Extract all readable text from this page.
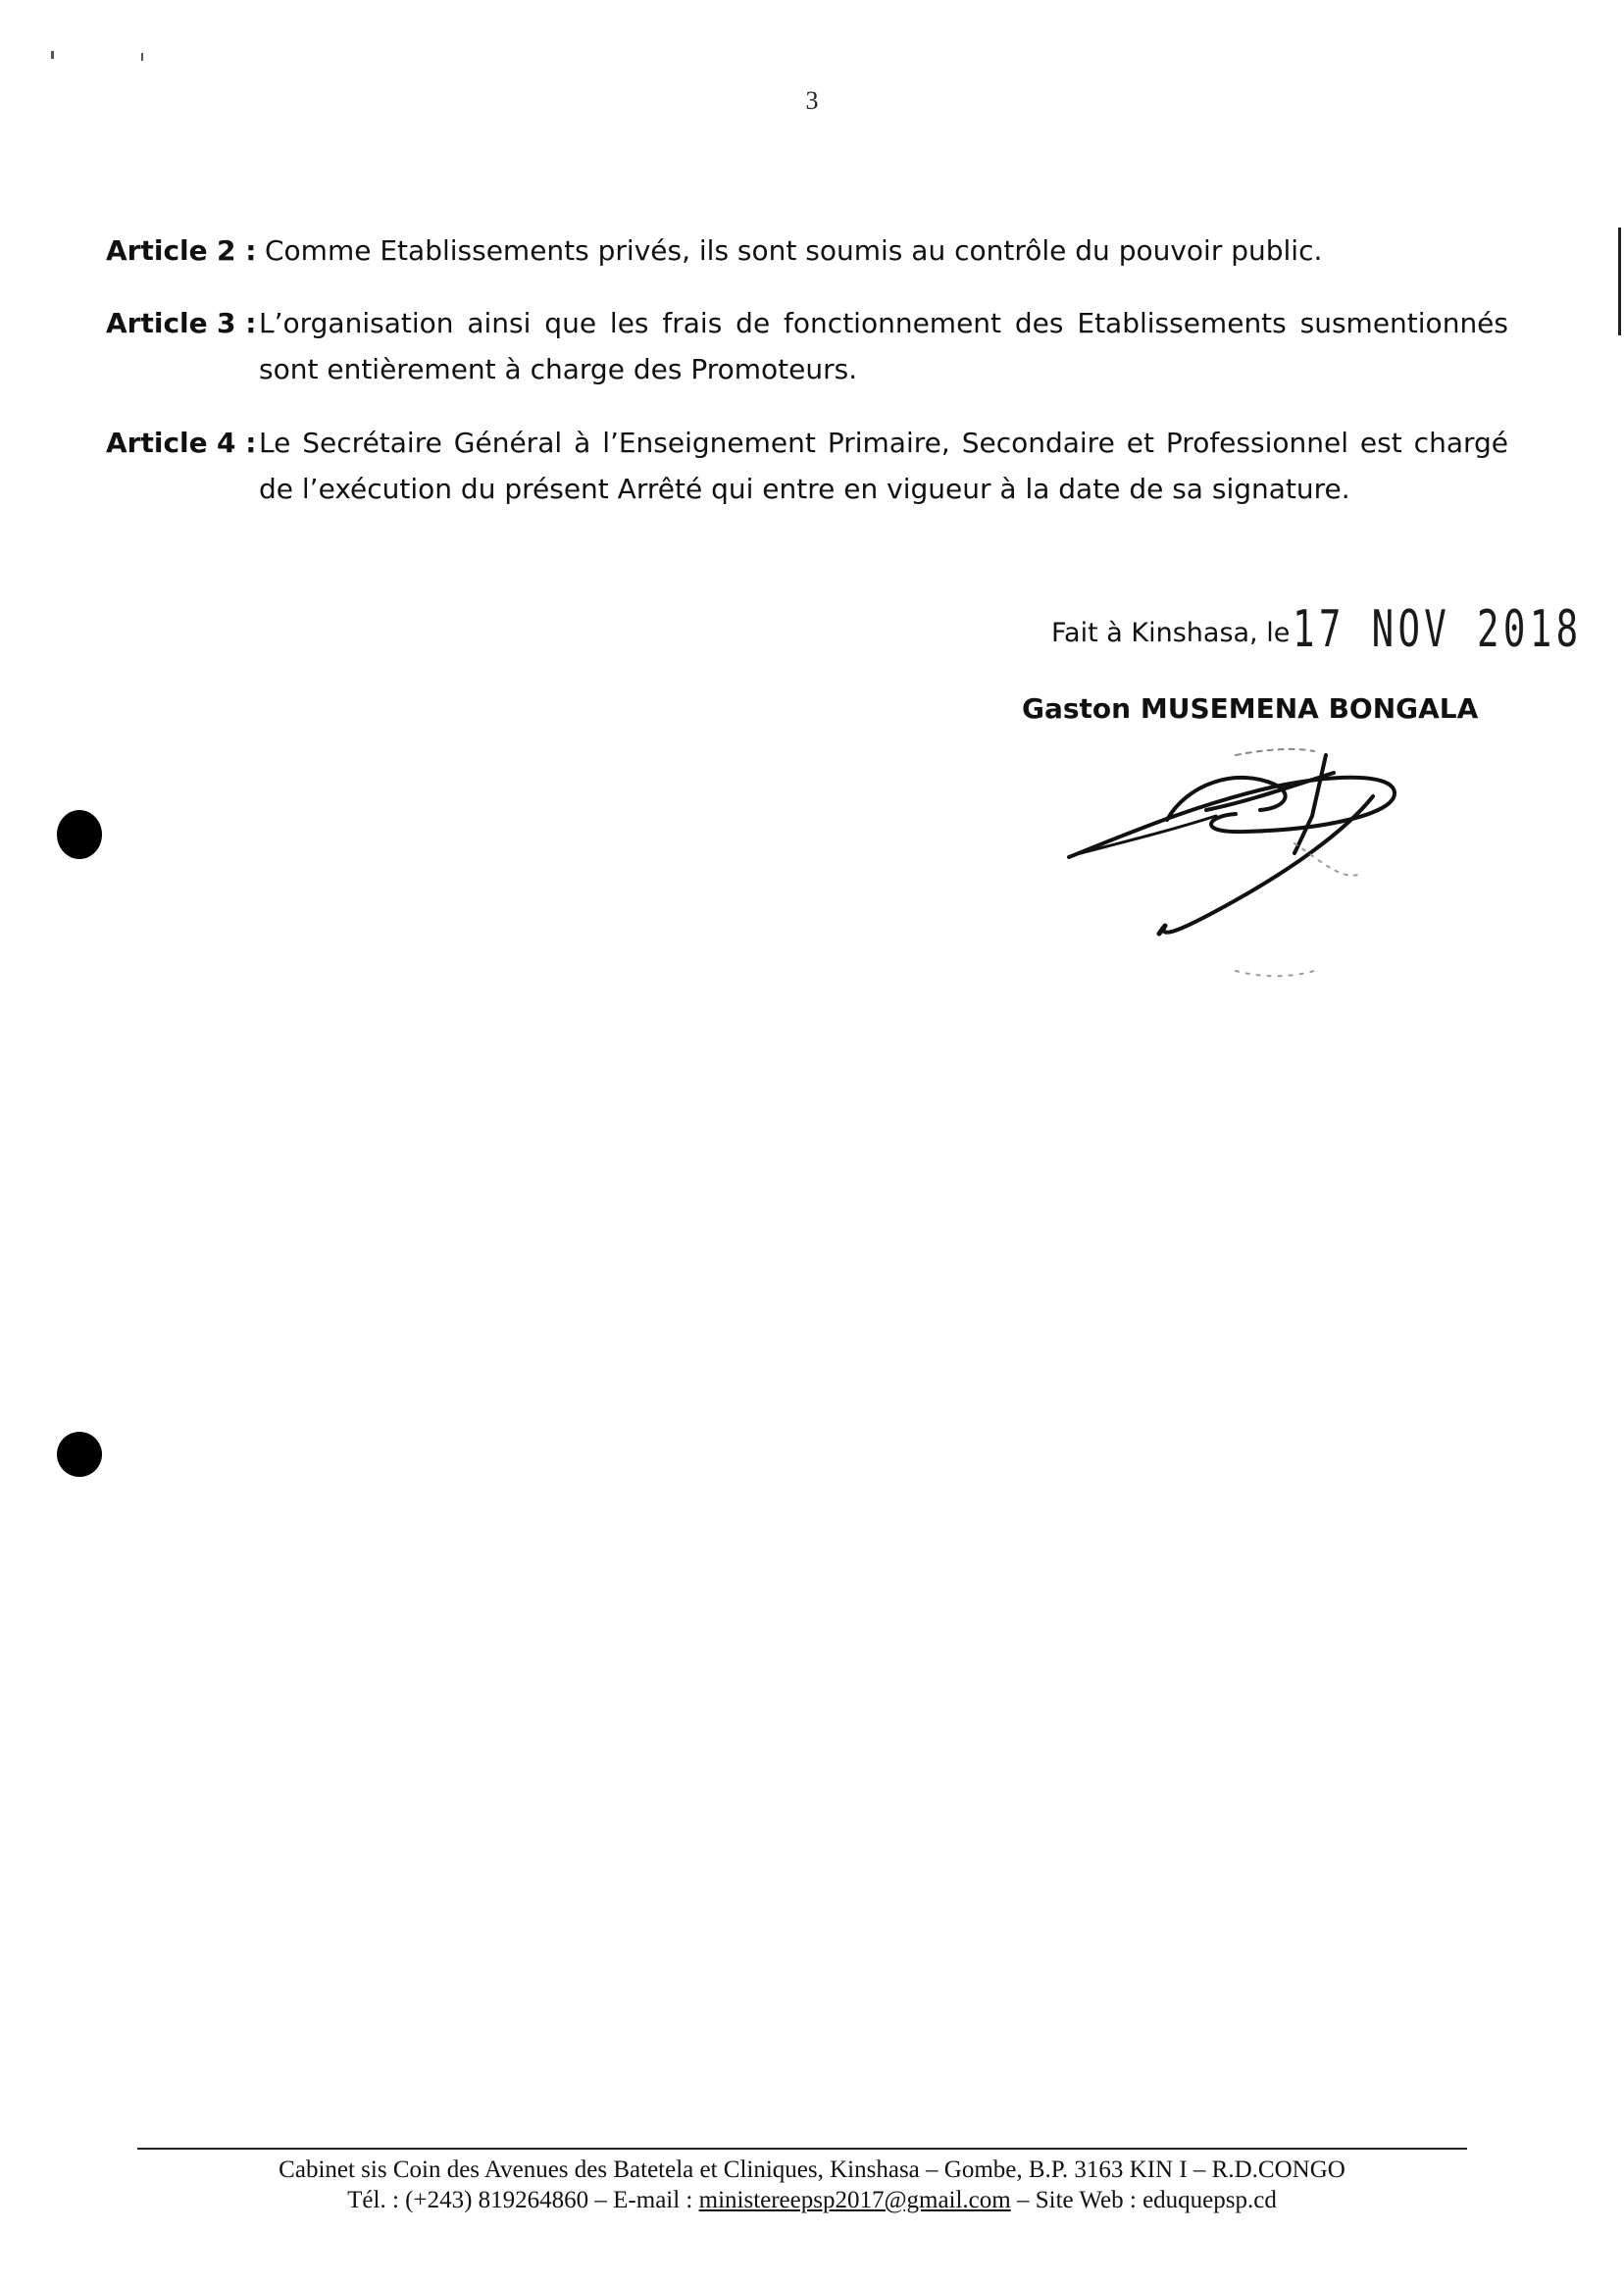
3
Article 2 : Comme Etablissements privés, ils sont soumis au contrôle du pouvoir public.
Article 3 : L’organisation ainsi que les frais de fonctionnement des Etablissements susmentionnés sont entièrement à charge des Promoteurs.
Article 4 : Le Secrétaire Général à l’Enseignement Primaire, Secondaire et Professionnel est chargé de l’exécution du présent Arrêté qui entre en vigueur à la date de sa signature.
Fait à Kinshasa, le 17 NOV 2018
Gaston MUSEMENA BONGALA
Cabinet sis Coin des Avenues des Batetela et Cliniques, Kinshasa – Gombe, B.P. 3163 KIN I – R.D.CONGO
Tél. : (+243) 819264860 – E-mail : ministereepsp2017@gmail.com – Site Web : eduquepsp.cd
